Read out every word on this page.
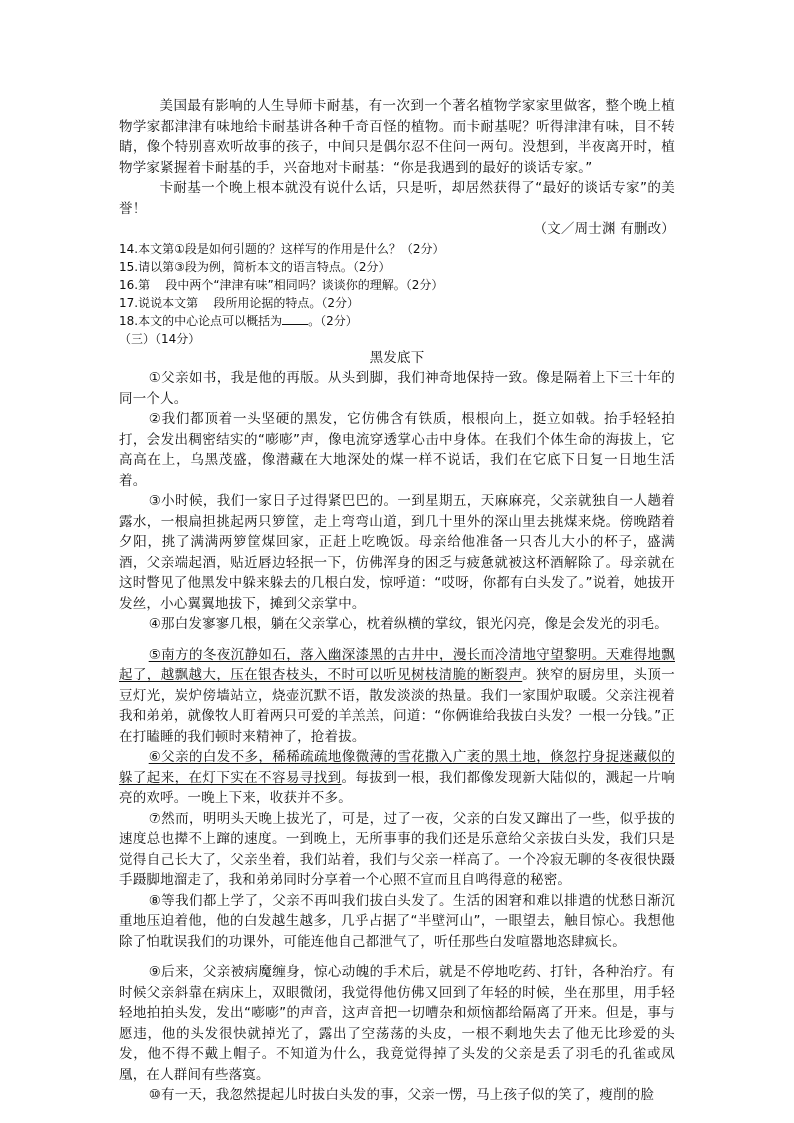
美国最有影响的人生导师卡耐基，有一次到一个著名植物学家家里做客，整个晚上植物学家都津津有味地给卡耐基讲各种千奇百怪的植物。而卡耐基呢？听得津津有味，目不转睛，像个特别喜欢听故事的孩子，中间只是偶尔忍不住问一两句。没想到，半夜离开时，植物学家紧握着卡耐基的手，兴奋地对卡耐基：“你是我遇到的最好的谈话专家。”

卡耐基一个晚上根本就没有说什么话，只是听，却居然获得了“最好的谈话专家”的美誉！

（文／周士渊 有删改）

14.本文第①段是如何引题的？这样写的作用是什么？（2分）

15.请以第③段为例，简析本文的语言特点。（2分）

16.第    段中两个“津津有味”相同吗？谈谈你的理解。（2分）

17.说说本文第    段所用论据的特点。（2分）

18.本文的中心论点可以概括为 。（2分）

（三）（14分）

黑发底下

①父亲如书，我是他的再版。从头到脚，我们神奇地保持一致。像是隔着上下三十年的同一个人。

②我们都顶着一头坚硬的黑发，它仿佛含有铁质，根根向上，挺立如戟。抬手轻轻拍打，会发出稠密结实的“嘭嘭”声，像电流穿透掌心击中身体。在我们个体生命的海拔上，它高高在上，乌黑茂盛，像潜藏在大地深处的煤一样不说话，我们在它底下日复一日地生活着。

③小时候，我们一家日子过得紧巴巴的。一到星期五，天麻麻亮，父亲就独自一人趟着露水，一根扁担挑起两只箩筐，走上弯弯山道，到几十里外的深山里去挑煤来烧。傍晚踏着夕阳，挑了满满两箩筐煤回家，正赶上吃晚饭。母亲给他准备一只杏儿大小的杯子，盛满酒，父亲端起酒，贴近唇边轻抿一下，仿佛浑身的困乏与疲惫就被这杯酒解除了。母亲就在这时瞥见了他黑发中躲来躲去的几根白发，惊呼道：“哎呀，你都有白头发了。”说着，她拔开发丝，小心翼翼地拔下，摊到父亲掌中。

④那白发寥寥几根，躺在父亲掌心，枕着纵横的掌纹，银光闪亮，像是会发光的羽毛。

⑤南方的冬夜沉静如石，落入幽深漆黑的古井中，漫长而冷清地守望黎明。天难得地飘起了，越飘越大，压在银杏枝头，不时可以听见树枝清脆的断裂声。狭窄的厨房里，头顶一豆灯光，炭炉傍墙站立，烧壶沉默不语，散发淡淡的热量。我们一家围炉取暖。父亲注视着我和弟弟，就像牧人盯着两只可爱的羊羔羔，问道：“你俩谁给我拔白头发？一根一分钱。”正在打瞌睡的我们顿时来精神了，抢着拔。

⑥父亲的白发不多，稀稀疏疏地像微薄的雪花撒入广袤的黑土地，倏忽拧身捉迷藏似的躲了起来，在灯下实在不容易寻找到。每拔到一根，我们都像发现新大陆似的，溅起一片响亮的欢呼。一晚上下来，收获并不多。

⑦然而，明明头天晚上拔光了，可是，过了一夜，父亲的白发又蹿出了一些，似乎拔的速度总也撵不上蹿的速度。一到晚上，无所事事的我们还是乐意给父亲拔白头发，我们只是觉得自己长大了，父亲坐着，我们站着，我们与父亲一样高了。一个冷寂无聊的冬夜很快蹑手蹑脚地溜走了，我和弟弟同时分享着一个心照不宣而且自鸣得意的秘密。

⑧等我们都上学了，父亲不再叫我们拔白头发了。生活的困窘和难以排遣的忧愁日渐沉重地压迫着他，他的白发越生越多，几乎占据了“半壁河山”，一眼望去，触目惊心。我想他除了怕耽误我们的功课外，可能连他自己都泄气了，听任那些白发喧嚣地恣肆疯长。

⑨后来，父亲被病魔缠身，惊心动魄的手术后，就是不停地吃药、打针，各种治疗。有时候父亲斜靠在病床上，双眼微闭，我觉得他仿佛又回到了年轻的时候，坐在那里，用手轻轻地拍拍头发，发出“嘭嘭”的声音，这声音把一切嘈杂和烦恼都给隔离了开来。但是，事与愿违，他的头发很快就掉光了，露出了空荡荡的头皮，一根不剩地失去了他无比珍爱的头发，他不得不戴上帽子。不知道为什么，我竟觉得掉了头发的父亲是丢了羽毛的孔雀或凤凰，在人群间有些落寞。

⑩有一天，我忽然提起儿时拔白头发的事，父亲一愣，马上孩子似的笑了，瘦削的脸
